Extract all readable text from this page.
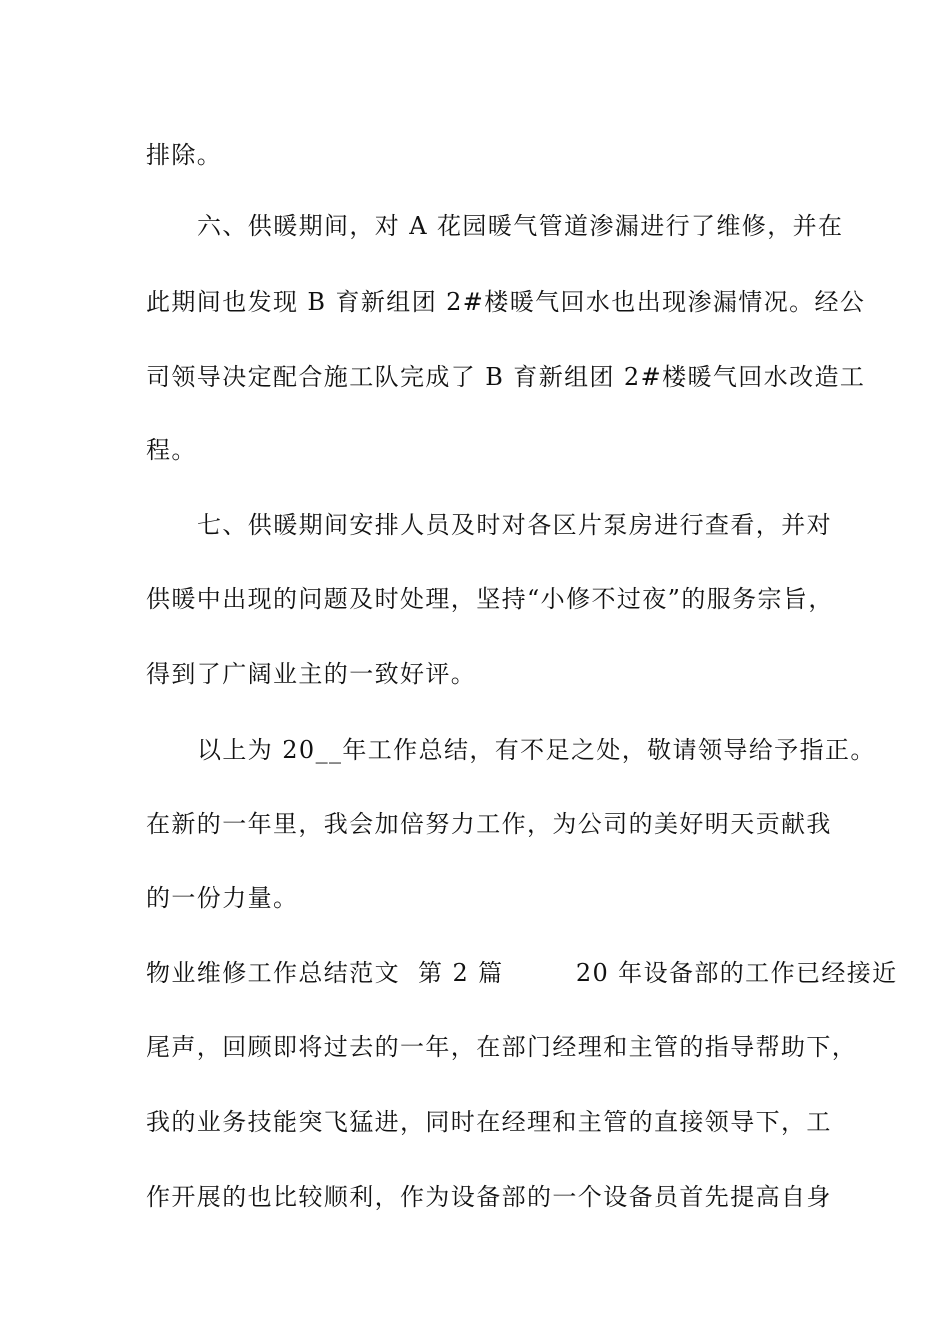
排除。
六、供暖期间，对 A 花园暖气管道渗漏进行了维修，并在
此期间也发现 B 育新组团 2#楼暖气回水也出现渗漏情况。经公
司领导决定配合施工队完成了 B 育新组团 2#楼暖气回水改造工
程。
七、供暖期间安排人员及时对各区片泵房进行查看，并对
供暖中出现的问题及时处理，坚持“小修不过夜”的服务宗旨，
得到了广阔业主的一致好评。
以上为 20__年工作总结，有不足之处，敬请领导给予指正。
在新的一年里，我会加倍努力工作，为公司的美好明天贡献我
的一份力量。
物业维修工作总结范文  第 2 篇        20 年设备部的工作已经接近
尾声，回顾即将过去的一年，在部门经理和主管的指导帮助下，
我的业务技能突飞猛进，同时在经理和主管的直接领导下，工
作开展的也比较顺利，作为设备部的一个设备员首先提高自身
